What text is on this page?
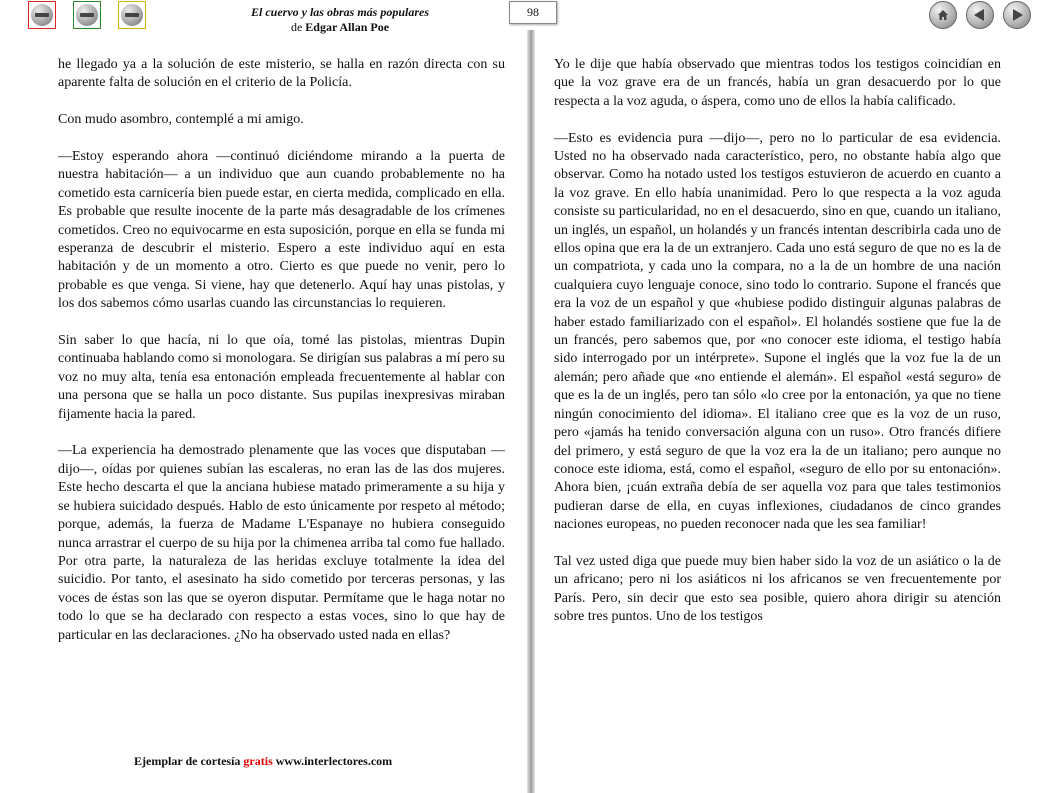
El cuervo y las obras más populares
de Edgar Allan Poe
98

he llegado ya a la solución de este misterio, se halla en razón directa con su aparente falta de solución en el criterio de la Policía.

Con mudo asombro, contemplé a mi amigo.

—Estoy esperando ahora —continuó diciéndome mirando a la puerta de nuestra habitación— a un individuo que aun cuando probablemente no ha cometido esta carnicería bien puede estar, en cierta medida, complicado en ella. Es probable que resulte inocente de la parte más desagradable de los crímenes cometidos. Creo no equivocarme en esta suposición, porque en ella se funda mi esperanza de descubrir el misterio. Espero a este individuo aquí en esta habitación y de un momento a otro. Cierto es que puede no venir, pero lo probable es que venga. Si viene, hay que detenerlo. Aquí hay unas pistolas, y los dos sabemos cómo usarlas cuando las circunstancias lo requieren.

Sin saber lo que hacía, ni lo que oía, tomé las pistolas, mientras Dupin continuaba hablando como si monologara. Se dirigían sus palabras a mí pero su voz no muy alta, tenía esa entonación empleada frecuentemente al hablar con una persona que se halla un poco distante. Sus pupilas inexpresivas miraban fijamente hacia la pared.

—La experiencia ha demostrado plenamente que las voces que disputaban —dijo—, oídas por quienes subían las escaleras, no eran las de las dos mujeres. Este hecho descarta el que la anciana hubiese matado primeramente a su hija y se hubiera suicidado después. Hablo de esto únicamente por respeto al método; porque, además, la fuerza de Madame L'Espanaye no hubiera conseguido nunca arrastrar el cuerpo de su hija por la chimenea arriba tal como fue hallado. Por otra parte, la naturaleza de las heridas excluye totalmente la idea del suicidio. Por tanto, el asesinato ha sido cometido por terceras personas, y las voces de éstas son las que se oyeron disputar. Permítame que le haga notar no todo lo que se ha declarado con respecto a estas voces, sino lo que hay de particular en las declaraciones. ¿No ha observado usted nada en ellas?

Yo le dije que había observado que mientras todos los testigos coincidían en que la voz grave era de un francés, había un gran desacuerdo por lo que respecta a la voz aguda, o áspera, como uno de ellos la había calificado.

—Esto es evidencia pura —dijo—, pero no lo particular de esa evidencia. Usted no ha observado nada característico, pero, no obstante había algo que observar. Como ha notado usted los testigos estuvieron de acuerdo en cuanto a la voz grave. En ello había unanimidad. Pero lo que respecta a la voz aguda consiste su particularidad, no en el desacuerdo, sino en que, cuando un italiano, un inglés, un español, un holandés y un francés intentan describirla cada uno de ellos opina que era la de un extranjero. Cada uno está seguro de que no es la de un compatriota, y cada uno la compara, no a la de un hombre de una nación cualquiera cuyo lenguaje conoce, sino todo lo contrario. Supone el francés que era la voz de un español y que «hubiese podido distinguir algunas palabras de haber estado familiarizado con el español». El holandés sostiene que fue la de un francés, pero sabemos que, por «no conocer este idioma, el testigo había sido interrogado por un intérprete». Supone el inglés que la voz fue la de un alemán; pero añade que «no entiende el alemán». El español «está seguro» de que es la de un inglés, pero tan sólo «lo cree por la entonación, ya que no tiene ningún conocimiento del idioma». El italiano cree que es la voz de un ruso, pero «jamás ha tenido conversación alguna con un ruso». Otro francés difiere del primero, y está seguro de que la voz era la de un italiano; pero aunque no conoce este idioma, está, como el español, «seguro de ello por su entonación». Ahora bien, ¡cuán extraña debía de ser aquella voz para que tales testimonios pudieran darse de ella, en cuyas inflexiones, ciudadanos de cinco grandes naciones europeas, no pueden reconocer nada que les sea familiar!

Tal vez usted diga que puede muy bien haber sido la voz de un asiático o la de un africano; pero ni los asiáticos ni los africanos se ven frecuentemente por París. Pero, sin decir que esto sea posible, quiero ahora dirigir su atención sobre tres puntos. Uno de los testigos

Ejemplar de cortesía gratis www.interlectores.com
